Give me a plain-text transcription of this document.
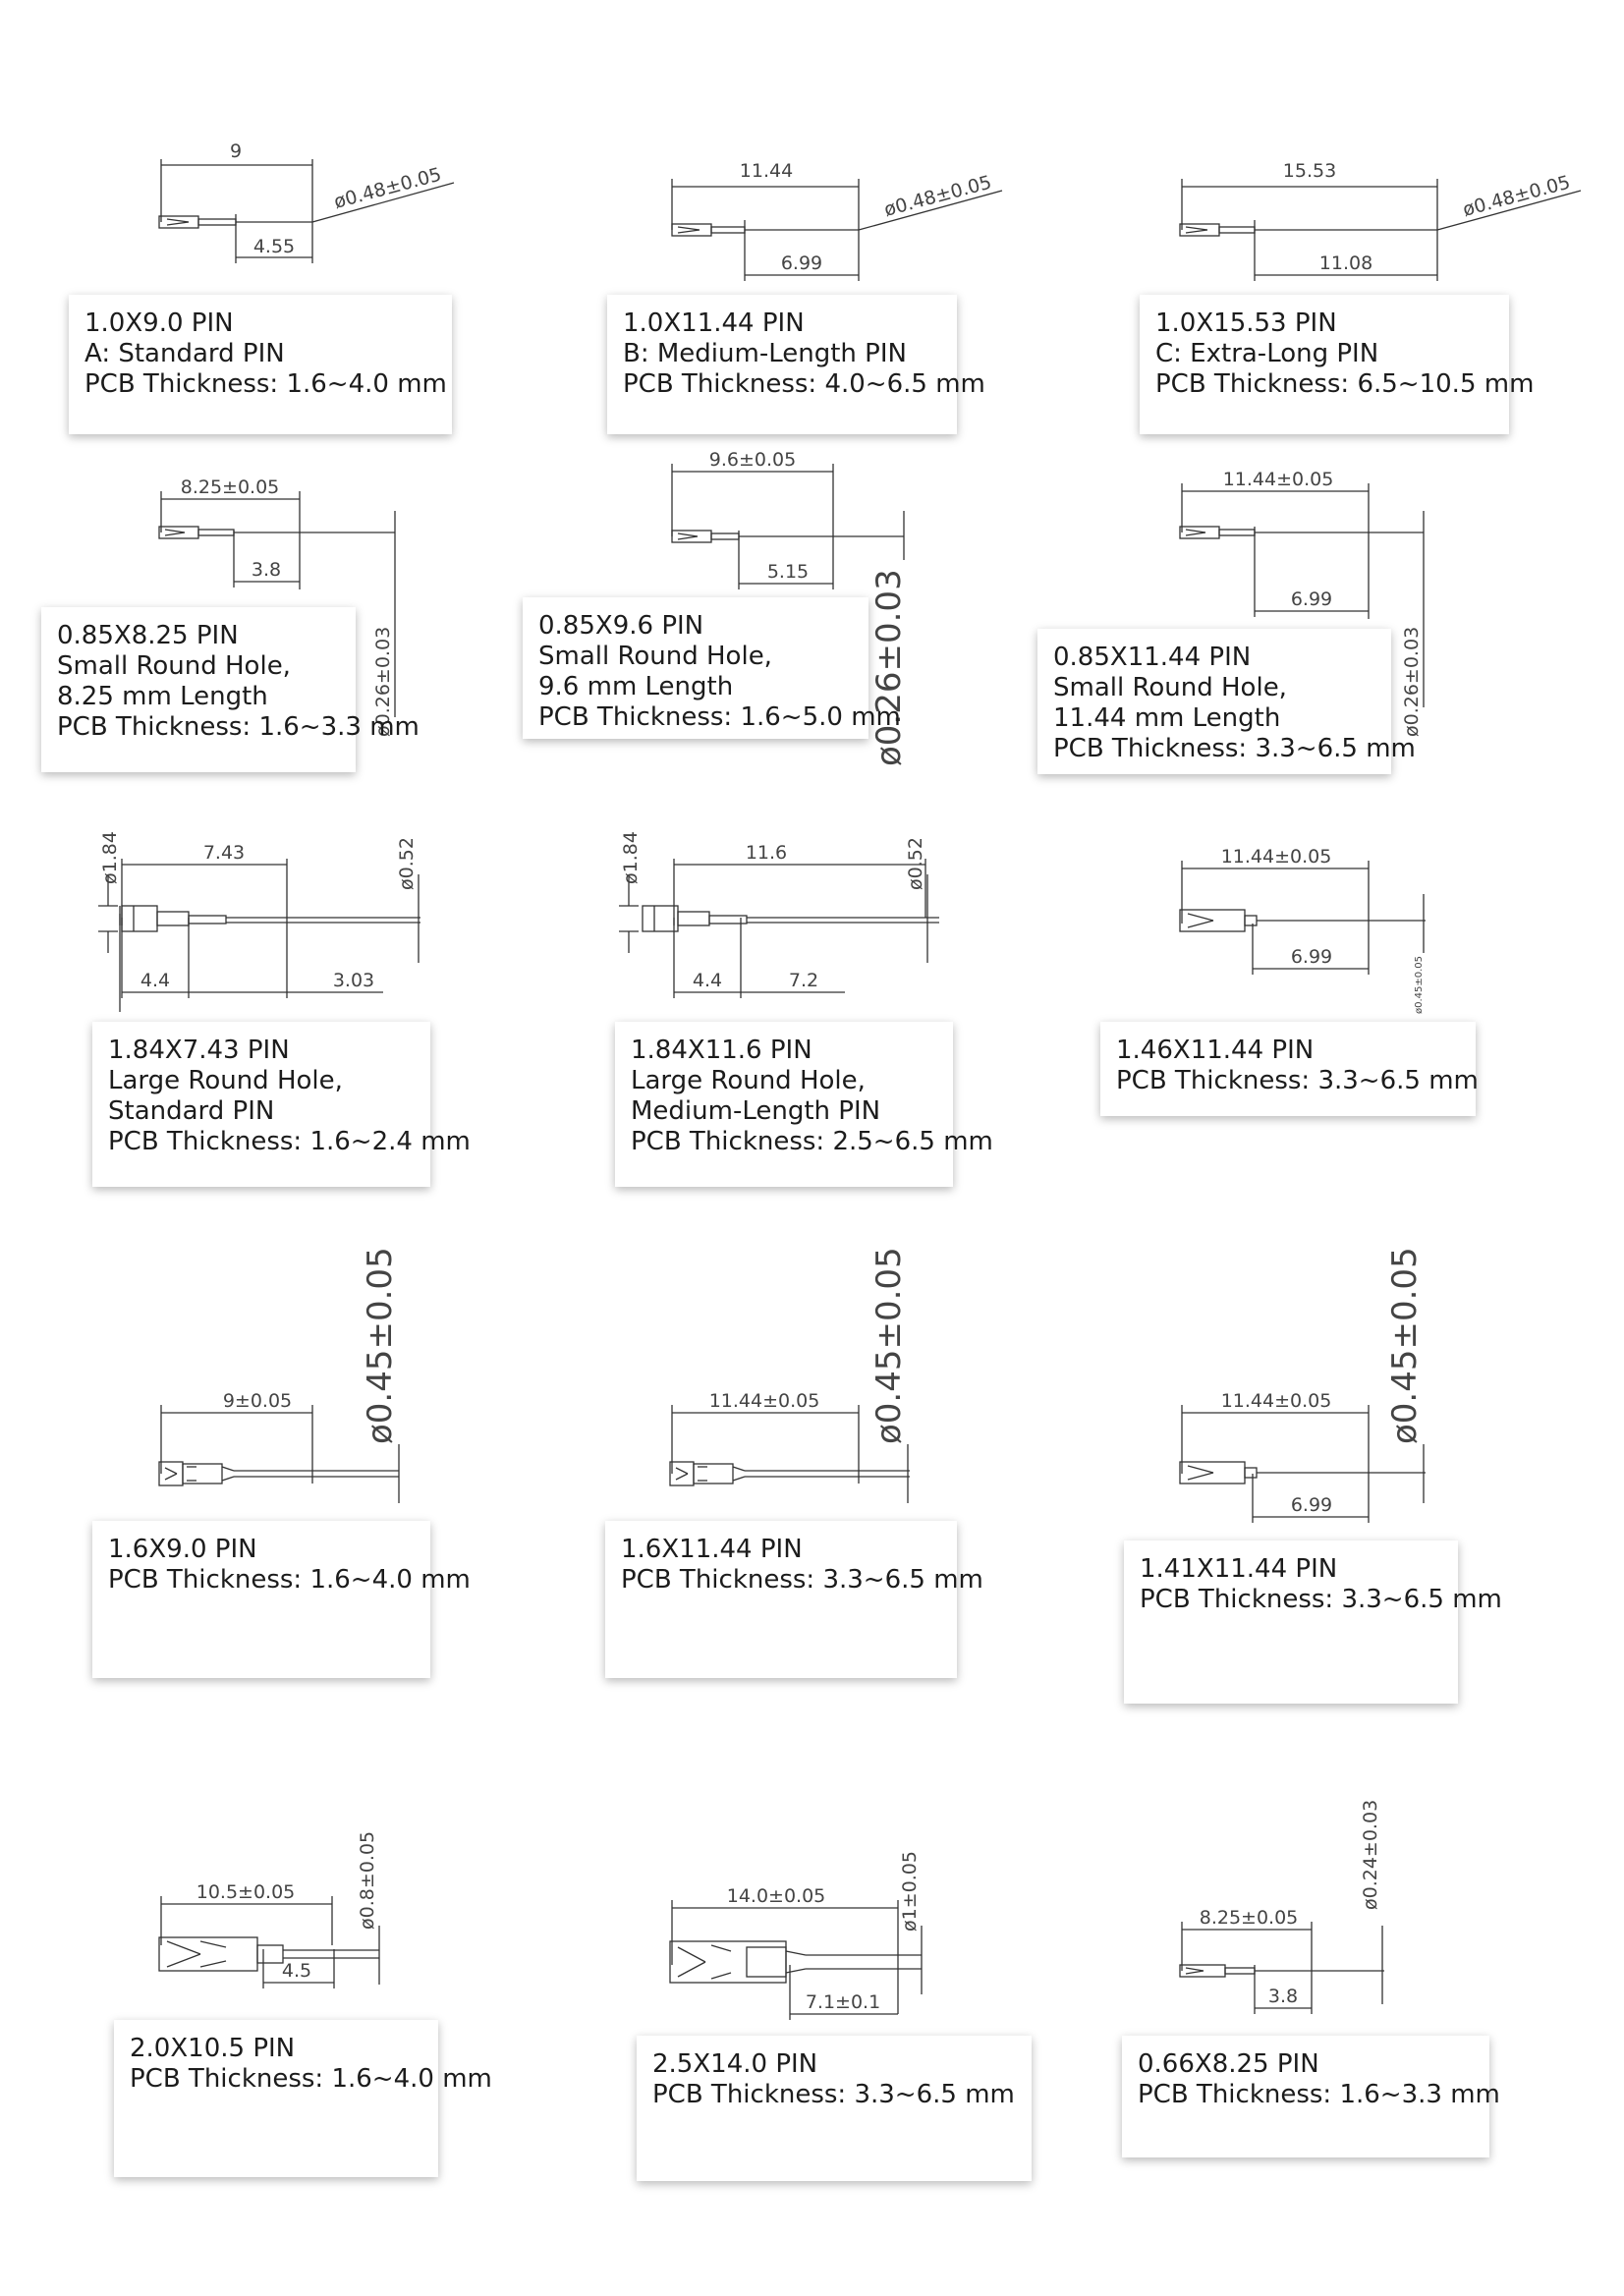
9
4.55
ø0.48±0.05	11.44
6.99
ø0.48±0.05
15.53
11.08
ø0.48±0.05
1.0X9.0 PIN
A: Standard PIN
PCB Thickness: 1.6~4.0 mm
1.0X11.44 PIN
B: Medium-Length PIN
PCB Thickness: 4.0~6.5 mm
1.0X15.53 PIN
C: Extra-Long PIN
PCB Thickness: 6.5~10.5 mm
8.25±0.05
3.8
ø0.26±0.03
9.6±0.05
5.15 ø0.26±0.03
11.44±0.05
6.99
ø0.26±0.03
0.85X8.25 PIN
Small Round Hole,
8.25 mm Length
PCB Thickness: 1.6~3.3 mm
0.85X9.6 PIN
Small Round Hole,
9.6 mm Length
PCB Thickness: 1.6~5.0 mm
0.85X11.44 PIN
Small Round Hole,
11.44 mm Length
PCB Thickness: 3.3~6.5 mm
ø1.84	7.43
4.4	3.03
ø0.52	ø1.84	11.6
4.4	7.2
ø0.52	11.44±0.05
6.99	ø0.45±0.05
1.84X7.43 PIN
Large Round Hole,
Standard PIN
PCB Thickness: 1.6~2.4 mm
1.84X11.6 PIN
Large Round Hole,
Medium-Length PIN
PCB Thickness: 2.5~6.5 mm
1.46X11.44 PIN
PCB Thickness: 3.3~6.5 mm
9±0.05 ø0.45±0.05	11.44±0.05 ø0.45±0.05	11.44±0.05
6.99
ø0.45±0.05
1.6X9.0 PIN
PCB Thickness: 1.6~4.0 mm
1.6X11.44 PIN
PCB Thickness: 3.3~6.5 mm	1.41X11.44 PIN
PCB Thickness: 3.3~6.5 mm
10.5±0.05
4.5
ø0.8±0.05	14.0±0.05
7.1±0.1
ø1±0.05	8.25±0.05
3.8
ø0.24±0.03
2.0X10.5 PIN
PCB Thickness: 1.6~4.0 mm	2.5X14.0 PIN
PCB Thickness: 3.3~6.5 mm
0.66X8.25 PIN
PCB Thickness: 1.6~3.3 mm
